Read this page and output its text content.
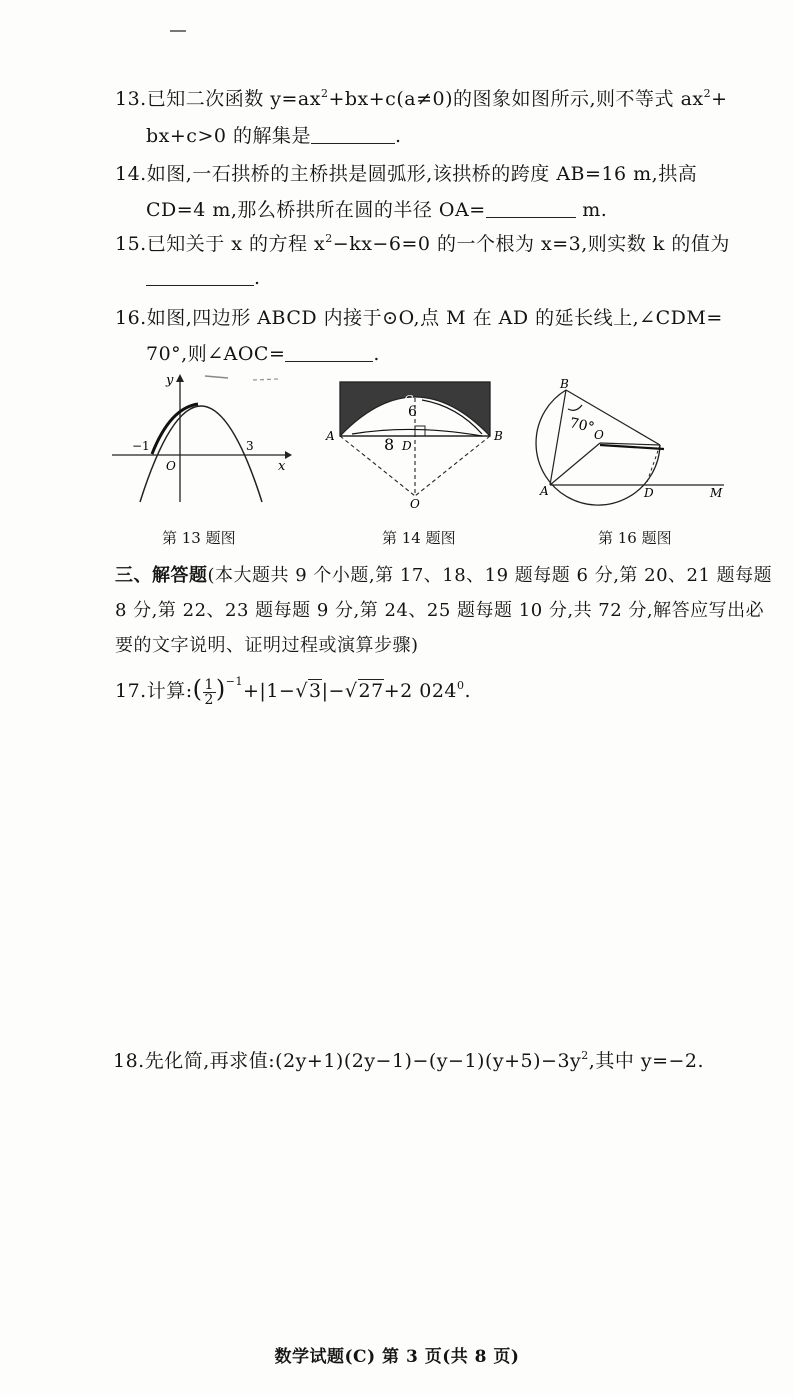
13.已知二次函数 $y=ax^2+bx+c(a\ne 0)$的图象如图所示,则不等式 $ax^2+$
bx+c>0 的解集是	.
14.如图,一石拱桥的主桥拱是圆弧形,该拱桥的跨度 AB=16 m,拱高
CD=4 m,那么桥拱所在圆的半径 OA=	m.
15.已知关于 x 的方程 $x^2-kx-6=0$ 的一个根为 x=3,则实数 k 的值为
.
16.如图,四边形 ABCD 内接于⊙O,点 M 在 AD 的延长线上,∠CDM=
70°,则∠AOC=	.
y
x
O
−1	3
第 13 题图
A	B
C
6
D
8
O
第 14 题图
70°
B
O
A	D	M
第 16 题图
三、解答题(本大题共 9 个小题,第 17、18、19 题每题 6 分,第 20、21 题每题
8 分,第 22、23 题每题 9 分,第 24、25 题每题 10 分,共 72 分,解答应写出必
要的文字说明、证明过程或演算步骤)
17.计算:( $\frac{1}{2} )^{-1}+|1-√3|-√27+2$ $024^0$.
18.先化简,再求值$:(2y+1)(2y-1)-(y-1)(y+5)-3y^2$,其中 y=−2.
数学试题(C) 第 3 页(共 8 页)
